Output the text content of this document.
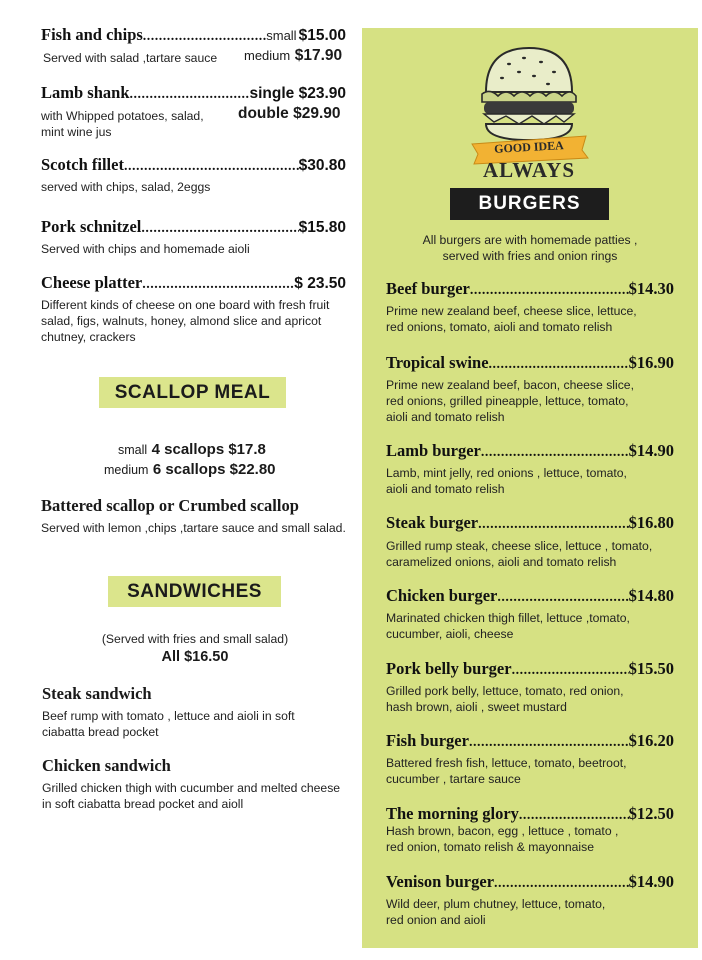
Fish and chips .....	small $15.00
Served with salad ,tartare sauce medium $17.90
Lamb shank .....	single $23.90
with Whipped potatoes, salad,
mint wine jus
double $29.90
Scotch fillet .....	$30.80
served with chips, salad, 2eggs
Pork schnitzel .....	$15.80
Served with chips and homemade aioli
Cheese platter .....	$ 23.50
Different kinds of cheese on one board with fresh fruit
salad, figs, walnuts, honey, almond slice and apricot
chutney, crackers
SCALLOP MEAL
small 4 scallops $17.8
medium 6 scallops $22.80
Battered scallop or Crumbed scallop
Served with lemon ,chips ,tartare sauce and small salad.
SANDWICHES
(Served with fries and small salad)
All $16.50
Steak sandwich
Beef rump with tomato , lettuce and aioli in soft
ciabatta bread pocket
Chicken sandwich
Grilled chicken thigh with cucumber and melted cheese
in soft ciabatta bread pocket and aioll
GOOD IDEA
ALWAYS
BURGERS
All burgers are with homemade patties ,
served with fries and onion rings
Beef burger .....	$14.30
Prime new zealand beef, cheese slice, lettuce,
red onions, tomato, aioli and tomato relish
Tropical swine .....	$16.90
Prime new zealand beef, bacon, cheese slice,
red onions, grilled pineapple, lettuce, tomato,
aioli and tomato relish
Lamb burger .....	$14.90
Lamb, mint jelly, red onions , lettuce, tomato,
aioli and tomato relish
Steak burger .....	$16.80
Grilled rump steak, cheese slice, lettuce , tomato,
caramelized onions, aioli and tomato relish
Chicken burger .....	$14.80
Marinated chicken thigh fillet, lettuce ,tomato,
cucumber, aioli, cheese
Pork belly burger .....	$15.50
Grilled pork belly, lettuce, tomato, red onion,
hash brown, aioli , sweet mustard
Fish burger .....	$16.20
Battered fresh fish, lettuce, tomato, beetroot,
cucumber , tartare sauce
The morning glory .....	$12.50
Hash brown, bacon, egg , lettuce , tomato ,
red onion, tomato relish & mayonnaise
Venison burger .....	$14.90
Wild deer, plum chutney, lettuce, tomato,
red onion and aioli
